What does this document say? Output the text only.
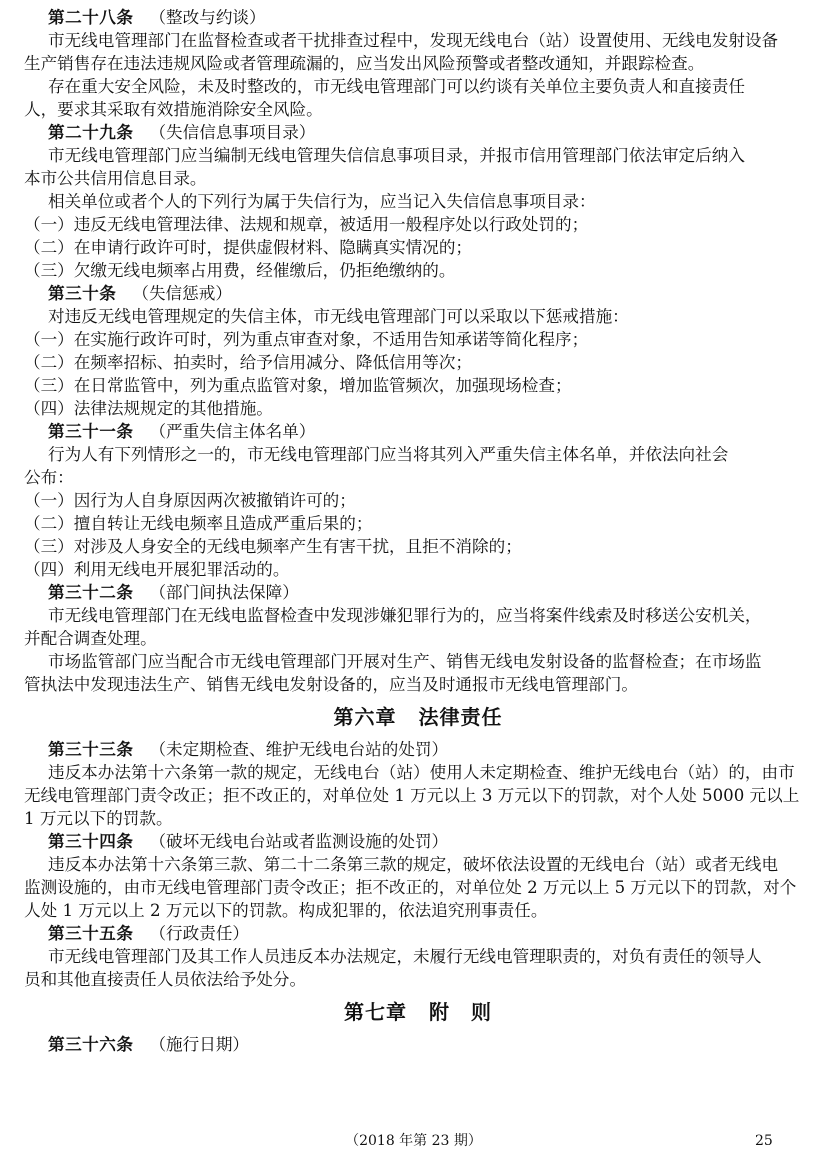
第二十八条 （整改与约谈）
市无线电管理部门在监督检查或者干扰排查过程中，发现无线电台（站）设置使用、无线电发射设备
生产销售存在违法违规风险或者管理疏漏的，应当发出风险预警或者整改通知，并跟踪检查。
存在重大安全风险，未及时整改的，市无线电管理部门可以约谈有关单位主要负责人和直接责任
人，要求其采取有效措施消除安全风险。
第二十九条 （失信信息事项目录）
市无线电管理部门应当编制无线电管理失信信息事项目录，并报市信用管理部门依法审定后纳入
本市公共信用信息目录。
相关单位或者个人的下列行为属于失信行为，应当记入失信信息事项目录：
（一）违反无线电管理法律、法规和规章，被适用一般程序处以行政处罚的；
（二）在申请行政许可时，提供虚假材料、隐瞒真实情况的；
（三）欠缴无线电频率占用费，经催缴后，仍拒绝缴纳的。
第三十条 （失信惩戒）
对违反无线电管理规定的失信主体，市无线电管理部门可以采取以下惩戒措施：
（一）在实施行政许可时，列为重点审查对象，不适用告知承诺等简化程序；
（二）在频率招标、拍卖时，给予信用减分、降低信用等次；
（三）在日常监管中，列为重点监管对象，增加监管频次，加强现场检查；
（四）法律法规规定的其他措施。
第三十一条 （严重失信主体名单）
行为人有下列情形之一的，市无线电管理部门应当将其列入严重失信主体名单，并依法向社会
公布：
（一）因行为人自身原因两次被撤销许可的；
（二）擅自转让无线电频率且造成严重后果的；
（三）对涉及人身安全的无线电频率产生有害干扰，且拒不消除的；
（四）利用无线电开展犯罪活动的。
第三十二条 （部门间执法保障）
市无线电管理部门在无线电监督检查中发现涉嫌犯罪行为的，应当将案件线索及时移送公安机关，
并配合调查处理。
市场监管部门应当配合市无线电管理部门开展对生产、销售无线电发射设备的监督检查；在市场监
管执法中发现违法生产、销售无线电发射设备的，应当及时通报市无线电管理部门。
第六章 法律责任
第三十三条 （未定期检查、维护无线电台站的处罚）
违反本办法第十六条第一款的规定，无线电台（站）使用人未定期检查、维护无线电台（站）的，由市
无线电管理部门责令改正；拒不改正的，对单位处 1 万元以上 3 万元以下的罚款，对个人处 5000 元以上
1 万元以下的罚款。
第三十四条 （破坏无线电台站或者监测设施的处罚）
违反本办法第十六条第三款、第二十二条第三款的规定，破坏依法设置的无线电台（站）或者无线电
监测设施的，由市无线电管理部门责令改正；拒不改正的，对单位处 2 万元以上 5 万元以下的罚款，对个
人处 1 万元以上 2 万元以下的罚款。构成犯罪的，依法追究刑事责任。
第三十五条 （行政责任）
市无线电管理部门及其工作人员违反本办法规定，未履行无线电管理职责的，对负有责任的领导人
员和其他直接责任人员依法给予处分。
第七章 附　则
第三十六条 （施行日期）
（2018 年第 23 期）	25
